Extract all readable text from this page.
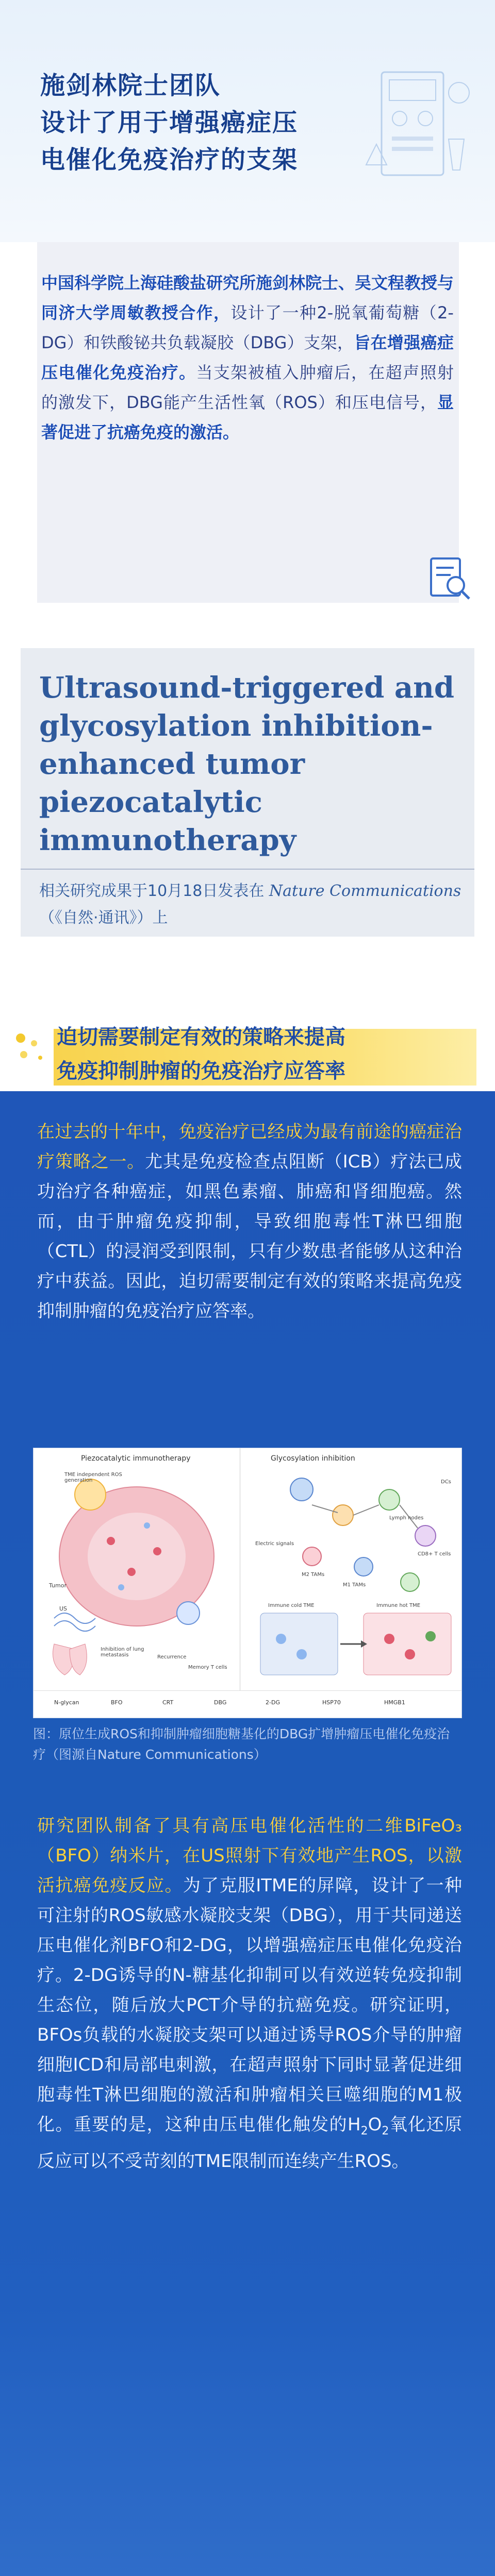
施剑林院士团队
设计了用于增强癌症压
电催化免疫治疗的支架
中国科学院上海硅酸盐研究所施剑林院士、吴文程教授与同济大学周敏教授合作，设计了一种2-脱氧葡萄糖（2-DG）和铁酸铋共负载凝胶（DBG）支架，旨在增强癌症压电催化免疫治疗。当支架被植入肿瘤后，在超声照射的激发下，DBG能产生活性氧（ROS）和压电信号，显著促进了抗癌免疫的激活。
Ultrasound-triggered and glycosylation inhibition-enhanced tumor piezocatalytic immunotherapy
相关研究成果于10月18日发表在 Nature Communications（《自然·通讯》）上
迫切需要制定有效的策略来提高
免疫抑制肿瘤的免疫治疗应答率
在过去的十年中，免疫治疗已经成为最有前途的癌症治疗策略之一。尤其是免疫检查点阻断（ICB）疗法已成功治疗各种癌症，如黑色素瘤、肺癌和肾细胞癌。然而，由于肿瘤免疫抑制，导致细胞毒性T淋巴细胞（CTL）的浸润受到限制，只有少数患者能够从这种治疗中获益。因此，迫切需要制定有效的策略来提高免疫抑制肿瘤的免疫治疗应答率。
Piezocatalytic immunotherapy	Glycosylation inhibition
TME independent ROS generation
Tumor
US
Inhibition of lung metastasis	Recurrence
Memory T cells
Immune cold TME	Immune hot TME
DCs
Lymph nodes
CD8+ T cells
M1 TAMs
M2 TAMs
Electric signals
N-glycan	BFO	CRT	DBG	2-DG	HSP70	HMGB1
图：原位生成ROS和抑制肿瘤细胞糖基化的DBG扩增肿瘤压电催化免疫治疗（图源自Nature Communications）
研究团队制备了具有高压电催化活性的二维BiFeO₃（BFO）纳米片，在US照射下有效地产生ROS，以激活抗癌免疫反应。为了克服ITME的屏障，设计了一种可注射的ROS敏感水凝胶支架（DBG），用于共同递送压电催化剂BFO和2-DG，以增强癌症压电催化免疫治疗。2-DG诱导的N-糖基化抑制可以有效逆转免疫抑制生态位，随后放大PCT介导的抗癌免疫。研究证明，BFOs负载的水凝胶支架可以通过诱导ROS介导的肿瘤细胞ICD和局部电刺激，在超声照射下同时显著促进细胞毒性T淋巴细胞的激活和肿瘤相关巨噬细胞的M1极化。重要的是，这种由压电催化触发的$H_2O_2$氧化还原反应可以不受苛刻的TME限制而连续产生ROS。
